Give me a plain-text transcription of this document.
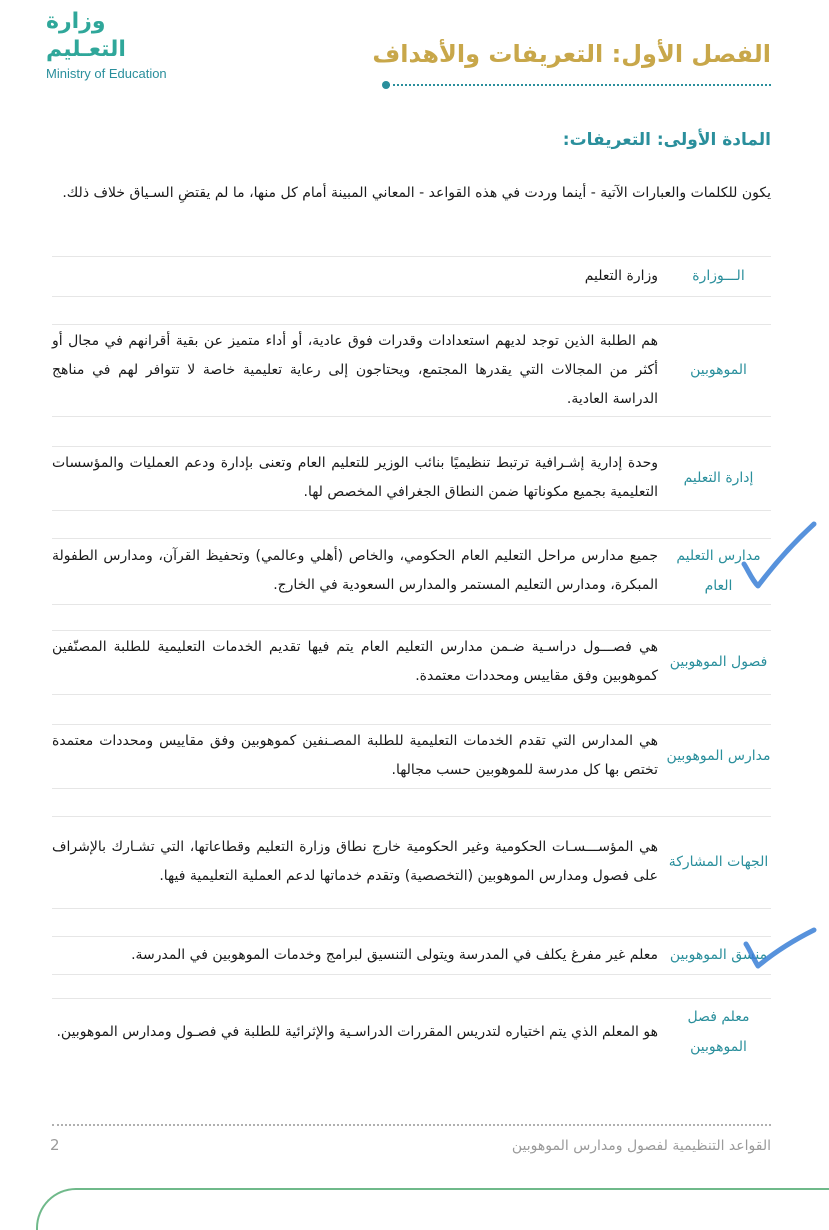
وزارة التعـليم
Ministry of Education
الفصل الأول: التعريفات والأهداف
المادة الأولى: التعريفات:
يكون للكلمات والعبارات الآتية - أينما وردت في هذه القواعد - المعاني المبينة أمام كل منها، ما لم يقتضِ السـياق خلاف ذلك.
الـــوزارة
وزارة التعليم
الموهوبين
هم الطلبة الذين توجد لديهم استعدادات وقدرات فوق عادية، أو أداء متميز عن بقية أقرانهم في مجال أو أكثر من المجالات التي يقدرها المجتمع، ويحتاجون إلى رعاية تعليمية خاصة لا تتوافر لهم في مناهج الدراسة العادية.
إدارة التعليم
وحدة إدارية إشـرافية ترتبط تنظيميًا بنائب الوزير للتعليم العام وتعنى بإدارة ودعم العمليات والمؤسسات التعليمية بجميع مكوناتها ضمن النطاق الجغرافي المخصص لها.
مدارس التعليم العام
جميع مدارس مراحل التعليم العام الحكومي، والخاص (أهلي وعالمي) وتحفيظ القرآن، ومدارس الطفولة المبكرة، ومدارس التعليم المستمر والمدارس السعودية في الخارج.
فصول الموهوبين
هي فصـــول دراسـية ضـمن مدارس التعليم العام يتم فيها تقديم الخدمات التعليمية للطلبة المصنّفين كموهوبين وفق مقاييس ومحددات معتمدة.
مدارس الموهوبين
هي المدارس التي تقدم الخدمات التعليمية للطلبة المصـنفين كموهوبين وفق مقاييس ومحددات معتمدة تختص بها كل مدرسة للموهوبين حسب مجالها.
الجهات المشاركة
هي المؤســـسـات الحكومية وغير الحكومية خارج نطاق وزارة التعليم وقطاعاتها، التي تشـارك بالإشراف على فصول ومدارس الموهوبين (التخصصية) وتقدم خدماتها لدعم العملية التعليمية فيها.
منسق الموهوبين
معلم غير مفرغ يكلف في المدرسة ويتولى التنسيق لبرامج وخدمات الموهوبين في المدرسة.
معلم فصل الموهوبين
هو المعلم الذي يتم اختياره لتدريس المقررات الدراسـية والإثرائية للطلبة في فصـول ومدارس الموهوبين.
القواعد التنظيمية لفصول ومدارس الموهوبين
2
